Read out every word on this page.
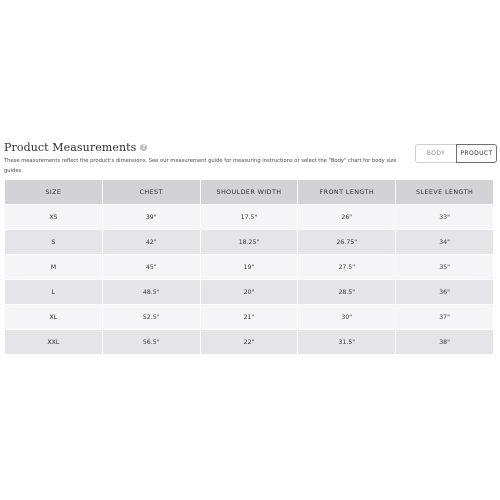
Product Measurements ?
These measurements reflect the product's dimensions. See our measurement guide for measuring instructions or select the "Body" chart for body size guides.
BODY	PRODUCT
SIZE	CHEST	SHOULDER WIDTH	FRONT LENGTH	SLEEVE LENGTH
XS	39"	17.5"	26"	33"
S	42"	18.25"	26.75"	34"
M	45"	19"	27.5"	35"
L	48.5"	20"	28.5"	36"
XL	52.5"	21"	30"	37"
XXL	56.5"	22"	31.5"	38"
